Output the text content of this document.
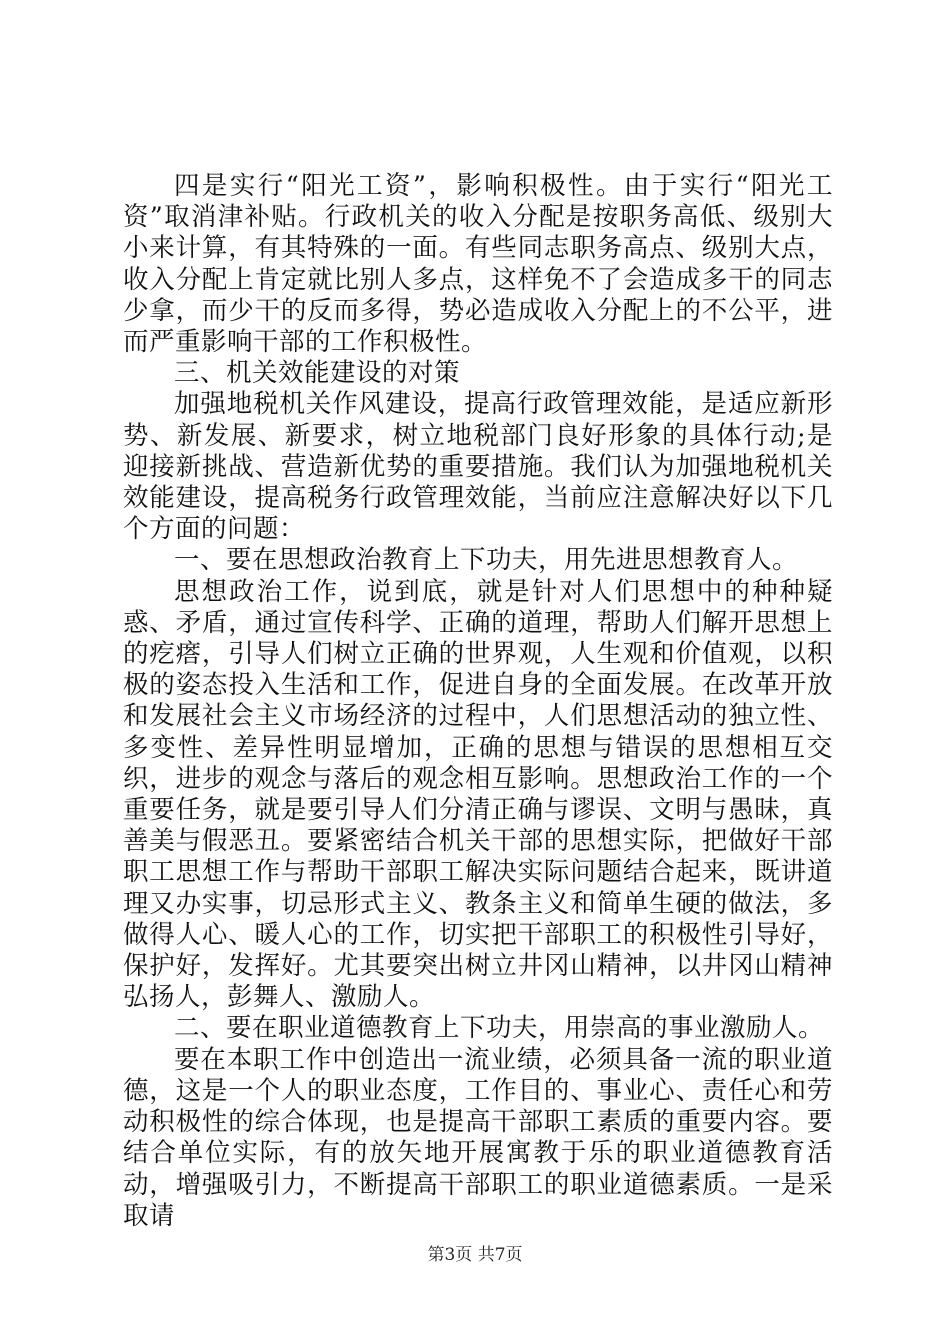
四是实行“阳光工资”，影响积极性。由于实行“阳光工资”取消津补贴。行政机关的收入分配是按职务高低、级别大小来计算，有其特殊的一面。有些同志职务高点、级别大点，收入分配上肯定就比别人多点，这样免不了会造成多干的同志少拿，而少干的反而多得，势必造成收入分配上的不公平，进而严重影响干部的工作积极性。

三、机关效能建设的对策

加强地税机关作风建设，提高行政管理效能，是适应新形势、新发展、新要求，树立地税部门良好形象的具体行动;是迎接新挑战、营造新优势的重要措施。我们认为加强地税机关效能建设，提高税务行政管理效能，当前应注意解决好以下几个方面的问题：

一、要在思想政治教育上下功夫，用先进思想教育人。

思想政治工作，说到底，就是针对人们思想中的种种疑惑、矛盾，通过宣传科学、正确的道理，帮助人们解开思想上的疙瘩，引导人们树立正确的世界观，人生观和价值观，以积极的姿态投入生活和工作，促进自身的全面发展。在改革开放和发展社会主义市场经济的过程中，人们思想活动的独立性、多变性、差异性明显增加，正确的思想与错误的思想相互交织，进步的观念与落后的观念相互影响。思想政治工作的一个重要任务，就是要引导人们分清正确与谬误、文明与愚昧，真善美与假恶丑。要紧密结合机关干部的思想实际，把做好干部职工思想工作与帮助干部职工解决实际问题结合起来，既讲道理又办实事，切忌形式主义、教条主义和简单生硬的做法，多做得人心、暖人心的工作，切实把干部职工的积极性引导好，保护好，发挥好。尤其要突出树立井冈山精神，以井冈山精神弘扬人，彭舞人、激励人。

二、要在职业道德教育上下功夫，用崇高的事业激励人。

要在本职工作中创造出一流业绩，必须具备一流的职业道德，这是一个人的职业态度，工作目的、事业心、责任心和劳动积极性的综合体现，也是提高干部职工素质的重要内容。要结合单位实际，有的放矢地开展寓教于乐的职业道德教育活动，增强吸引力，不断提高干部职工的职业道德素质。一是采取请

第3页 共7页
